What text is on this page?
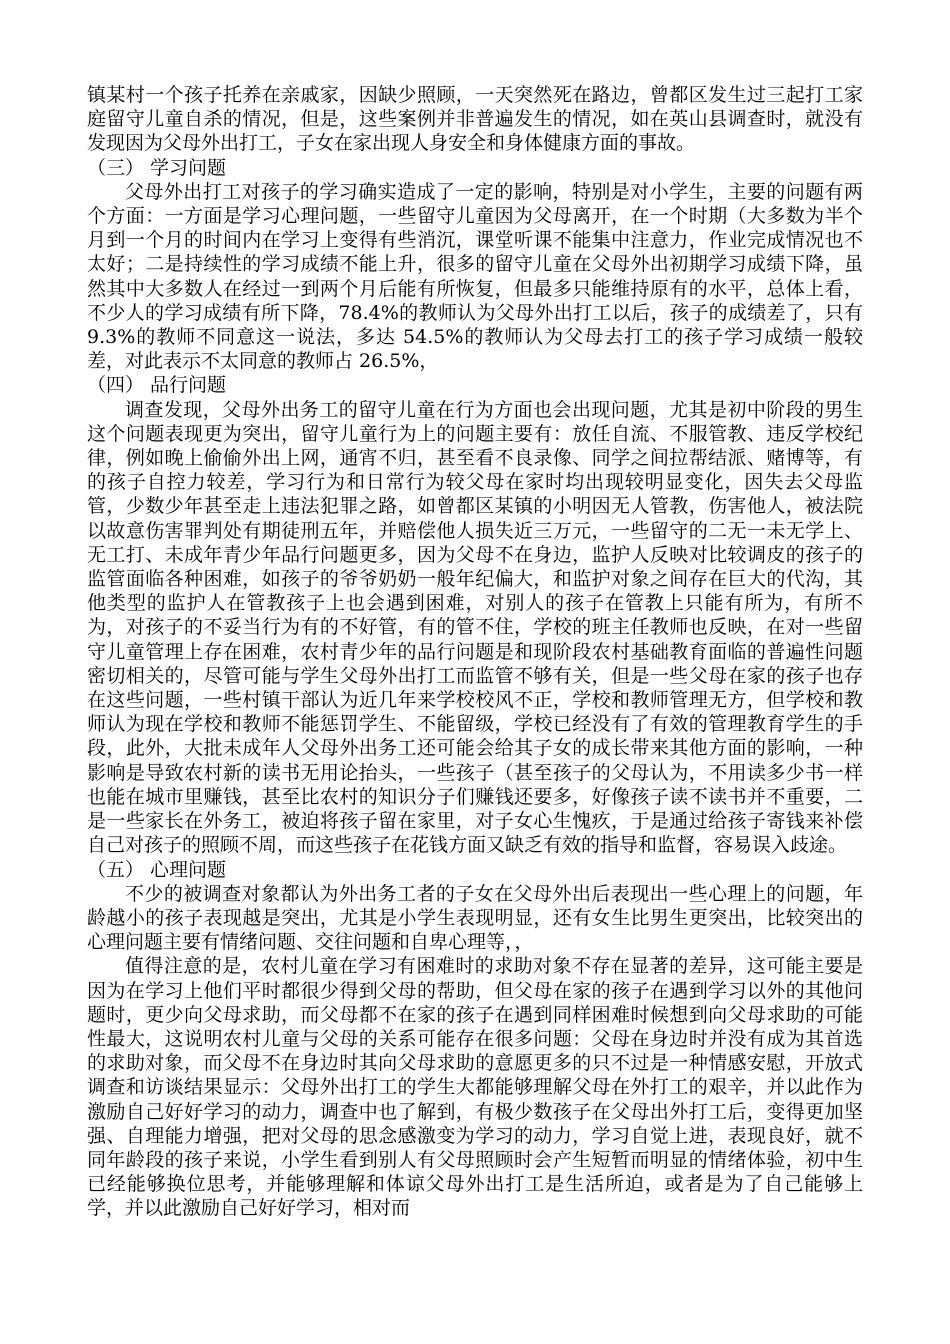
镇某村一个孩子托养在亲戚家，因缺少照顾，一天突然死在路边，曾都区发生过三起打工家庭留守儿童自杀的情况，但是，这些案例并非普遍发生的情况，如在英山县调查时，就没有发现因为父母外出打工，子女在家出现人身安全和身体健康方面的事故。

（三） 学习问题

父母外出打工对孩子的学习确实造成了一定的影响，特别是对小学生，主要的问题有两个方面：一方面是学习心理问题，一些留守儿童因为父母离开，在一个时期（大多数为半个月到一个月的时间内在学习上变得有些消沉，课堂听课不能集中注意力，作业完成情况也不太好；二是持续性的学习成绩不能上升，很多的留守儿童在父母外出初期学习成绩下降，虽然其中大多数人在经过一到两个月后能有所恢复，但最多只能维持原有的水平，总体上看，不少人的学习成绩有所下降，78.4%的教师认为父母外出打工以后，孩子的成绩差了，只有 9.3%的教师不同意这一说法，多达 54.5%的教师认为父母去打工的孩子学习成绩一般较差，对此表示不太同意的教师占 26.5%，

（四） 品行问题

调查发现，父母外出务工的留守儿童在行为方面也会出现问题，尤其是初中阶段的男生这个问题表现更为突出，留守儿童行为上的问题主要有：放任自流、不服管教、违反学校纪律，例如晚上偷偷外出上网，通宵不归，甚至看不良录像、同学之间拉帮结派、赌博等，有的孩子自控力较差，学习行为和日常行为较父母在家时均出现较明显变化，因失去父母监管，少数少年甚至走上违法犯罪之路，如曾都区某镇的小明因无人管教，伤害他人，被法院以故意伤害罪判处有期徒刑五年，并赔偿他人损失近三万元，一些留守的二无一未无学上、无工打、未成年青少年品行问题更多，因为父母不在身边，监护人反映对比较调皮的孩子的监管面临各种困难，如孩子的爷爷奶奶一般年纪偏大，和监护对象之间存在巨大的代沟，其他类型的监护人在管教孩子上也会遇到困难，对别人的孩子在管教上只能有所为，有所不为，对孩子的不妥当行为有的不好管，有的管不住，学校的班主任教师也反映，在对一些留守儿童管理上存在困难，农村青少年的品行问题是和现阶段农村基础教育面临的普遍性问题密切相关的，尽管可能与学生父母外出打工而监管不够有关，但是一些父母在家的孩子也存在这些问题，一些村镇干部认为近几年来学校校风不正，学校和教师管理无方，但学校和教师认为现在学校和教师不能惩罚学生、不能留级，学校已经没有了有效的管理教育学生的手段，此外，大批未成年人父母外出务工还可能会给其子女的成长带来其他方面的影响，一种影响是导致农村新的读书无用论抬头，一些孩子（甚至孩子的父母认为，不用读多少书一样也能在城市里赚钱，甚至比农村的知识分子们赚钱还要多，好像孩子读不读书并不重要，二是一些家长在外务工，被迫将孩子留在家里，对子女心生愧疚，于是通过给孩子寄钱来补偿自己对孩子的照顾不周，而这些孩子在花钱方面又缺乏有效的指导和监督，容易误入歧途。

（五） 心理问题

不少的被调查对象都认为外出务工者的子女在父母外出后表现出一些心理上的问题，年龄越小的孩子表现越是突出，尤其是小学生表现明显，还有女生比男生更突出，比较突出的心理问题主要有情绪问题、交往问题和自卑心理等，，

值得注意的是，农村儿童在学习有困难时的求助对象不存在显著的差异，这可能主要是因为在学习上他们平时都很少得到父母的帮助，但父母在家的孩子在遇到学习以外的其他问题时，更少向父母求助，而父母都不在家的孩子在遇到同样困难时候想到向父母求助的可能性最大，这说明农村儿童与父母的关系可能存在很多问题：父母在身边时并没有成为其首选的求助对象，而父母不在身边时其向父母求助的意愿更多的只不过是一种情感安慰，开放式调查和访谈结果显示：父母外出打工的学生大都能够理解父母在外打工的艰辛，并以此作为激励自己好好学习的动力，调查中也了解到，有极少数孩子在父母出外打工后，变得更加坚强、自理能力增强，把对父母的思念感激变为学习的动力，学习自觉上进，表现良好，就不同年龄段的孩子来说，小学生看到别人有父母照顾时会产生短暂而明显的情绪体验，初中生已经能够换位思考，并能够理解和体谅父母外出打工是生活所迫，或者是为了自己能够上学，并以此激励自己好好学习，相对而
